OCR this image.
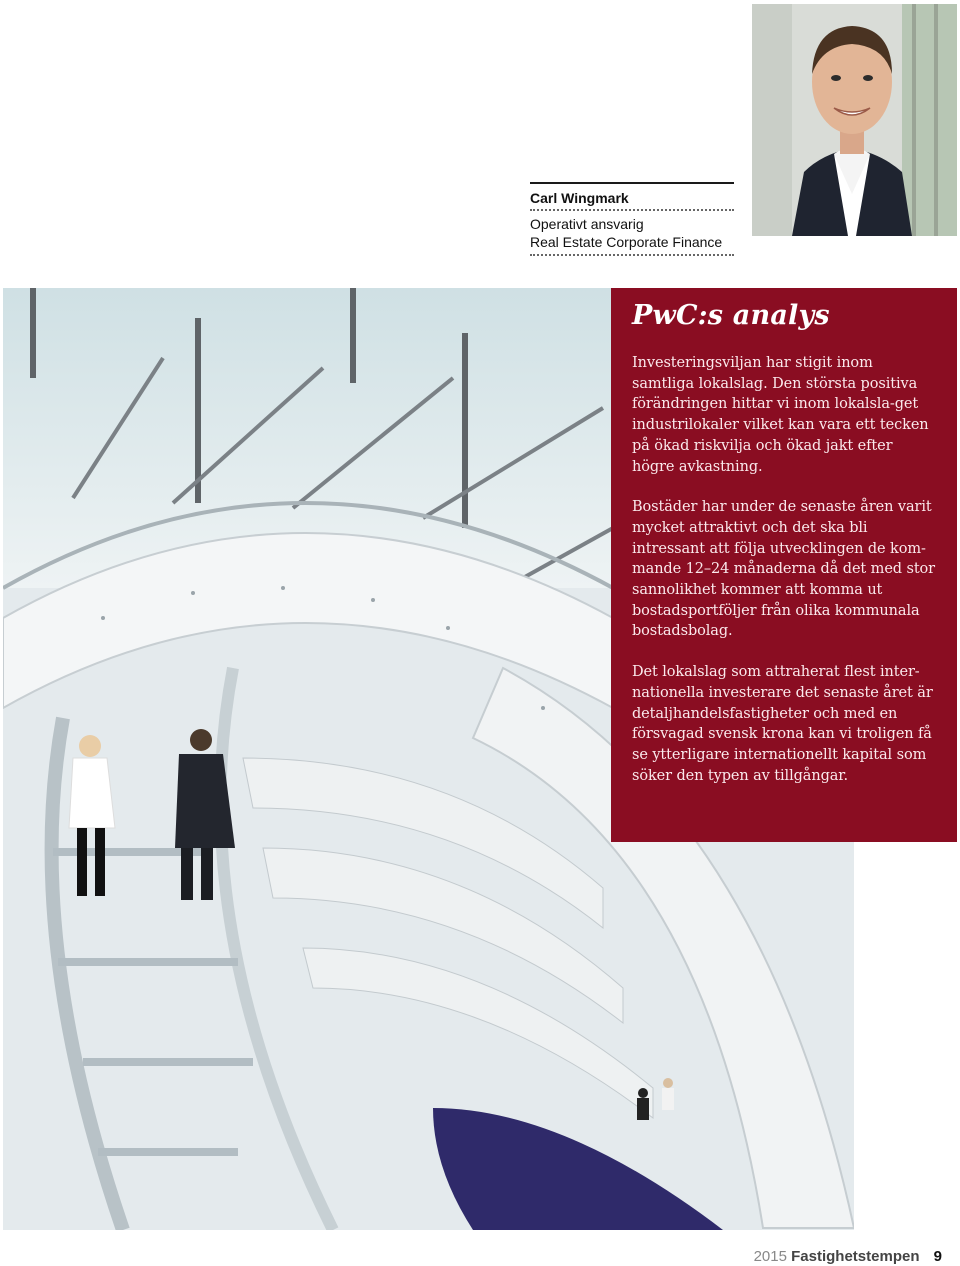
Carl Wingmark
Operativt ansvarig
Real Estate Corporate Finance
PwC:s analys

Investeringsviljan har stigit inom samtliga lokalslag. Den största positiva förändringen hittar vi inom lokalsla-get industrilokaler vilket kan vara ett tecken på ökad riskvilja och ökad jakt efter högre avkastning.

Bostäder har under de senaste åren varit mycket attraktivt och det ska bli intressant att följa utvecklingen de kom-mande 12–24 månaderna då det med stor sannolikhet kommer att komma ut bostadsportföljer från olika kommunala bostadsbolag.

Det lokalslag som attraherat flest inter-nationella investerare det senaste året är detaljhandelsfastigheter och med en försvagad svensk krona kan vi troligen få se ytterligare internationellt kapital som söker den typen av tillgångar.

2015 Fastighetstempen 9
